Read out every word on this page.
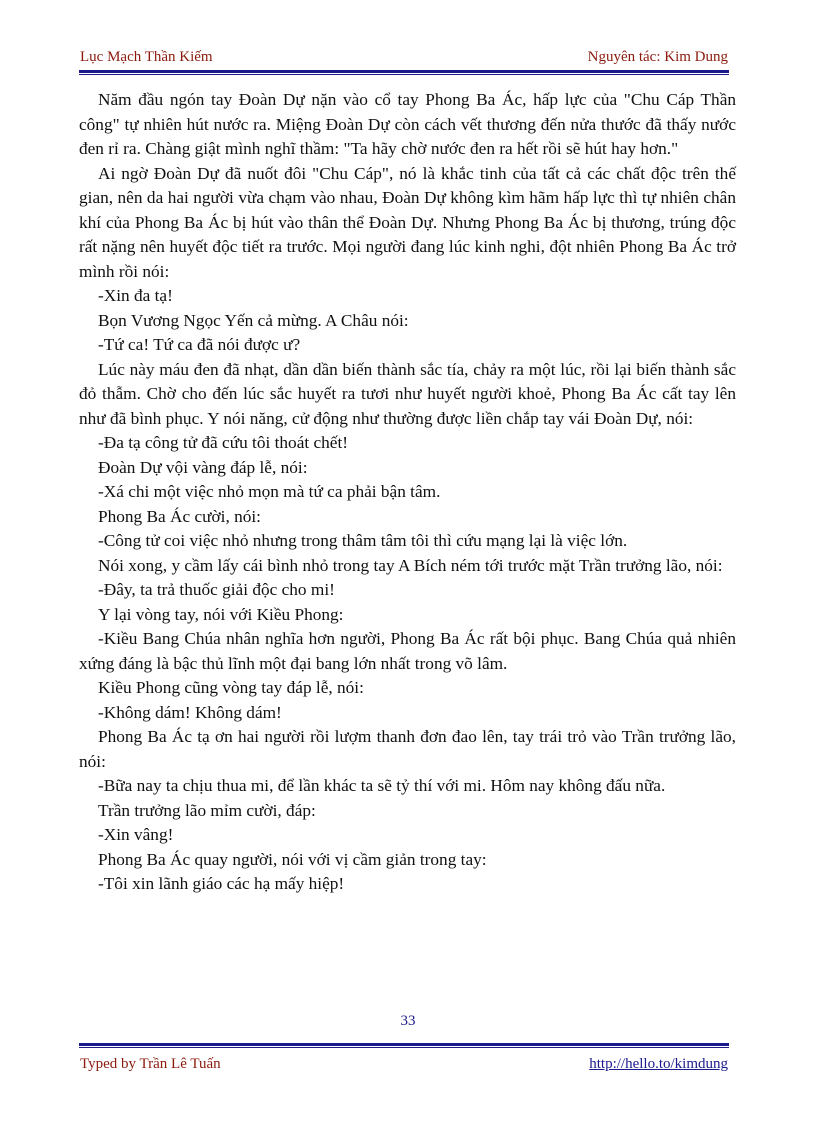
Lục Mạch Thần Kiếm	Nguyên tác: Kim Dung

Năm đầu ngón tay Đoàn Dự nặn vào cổ tay Phong Ba Ác, hấp lực của "Chu Cáp Thần công" tự nhiên hút nước ra. Miệng Đoàn Dự còn cách vết thương đến nửa thước đã thấy nước đen rỉ ra. Chàng giật mình nghĩ thầm: "Ta hãy chờ nước đen ra hết rồi sẽ hút hay hơn."

Ai ngờ Đoàn Dự đã nuốt đôi "Chu Cáp", nó là khắc tinh của tất cả các chất độc trên thế gian, nên da hai người vừa chạm vào nhau, Đoàn Dự không kìm hãm hấp lực thì tự nhiên chân khí của Phong Ba Ác bị hút vào thân thể Đoàn Dự. Nhưng Phong Ba Ác bị thương, trúng độc rất nặng nên huyết độc tiết ra trước. Mọi người đang lúc kinh nghi, đột nhiên Phong Ba Ác trở mình rồi nói:

-Xin đa tạ!

Bọn Vương Ngọc Yến cả mừng. A Châu nói:

-Tứ ca! Tứ ca đã nói được ư?

Lúc này máu đen đã nhạt, dần dần biến thành sắc tía, chảy ra một lúc, rồi lại biến thành sắc đỏ thẫm. Chờ cho đến lúc sắc huyết ra tươi như huyết người khoẻ, Phong Ba Ác cất tay lên như đã bình phục. Y nói năng, cử động như thường được liền chắp tay vái Đoàn Dự, nói:

-Đa tạ công tử đã cứu tôi thoát chết!

Đoàn Dự vội vàng đáp lễ, nói:

-Xá chi một việc nhỏ mọn mà tứ ca phải bận tâm.

Phong Ba Ác cười, nói:

-Công tử coi việc nhỏ nhưng trong thâm tâm tôi thì cứu mạng lại là việc lớn.

Nói xong, y cầm lấy cái bình nhỏ trong tay A Bích ném tới trước mặt Trần trưởng lão, nói:

-Đây, ta trả thuốc giải độc cho mi!

Y lại vòng tay, nói với Kiều Phong:

-Kiều Bang Chúa nhân nghĩa hơn người, Phong Ba Ác rất bội phục. Bang Chúa quả nhiên xứng đáng là bậc thủ lĩnh một đại bang lớn nhất trong võ lâm.

Kiều Phong cũng vòng tay đáp lễ, nói:

-Không dám! Không dám!

Phong Ba Ác tạ ơn hai người rồi lượm thanh đơn đao lên, tay trái trỏ vào Trần trưởng lão, nói:

-Bữa nay ta chịu thua mi, để lần khác ta sẽ tỷ thí với mi. Hôm nay không đấu nữa.

Trần trưởng lão mỉm cười, đáp:

-Xin vâng!

Phong Ba Ác quay người, nói với vị cầm giản trong tay:

-Tôi xin lãnh giáo các hạ mấy hiệp!

33
Typed by Trần Lê Tuấn	http://hello.to/kimdung
